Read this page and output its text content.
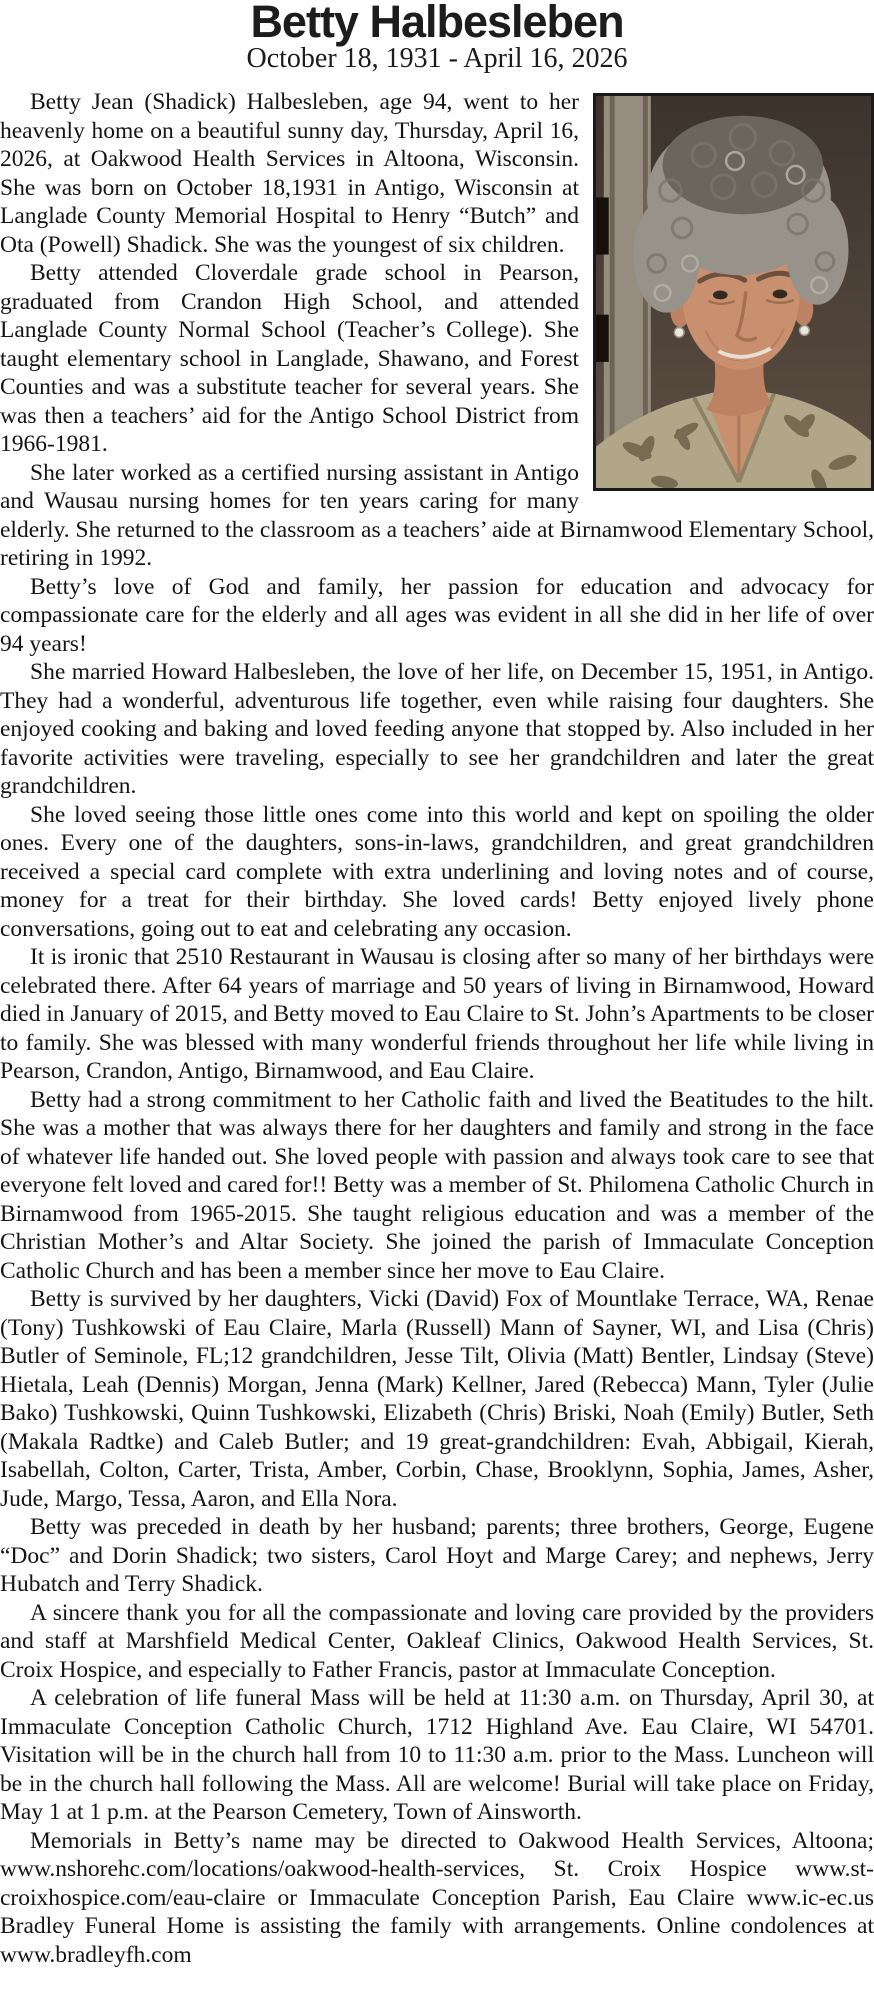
Betty Halbesleben
October 18, 1931 - April 16, 2026

Betty Jean (Shadick) Halbesleben, age 94, went to her heavenly home on a beautiful sunny day, Thursday, April 16, 2026, at Oakwood Health Services in Altoona, Wisconsin. She was born on October 18,1931 in Antigo, Wisconsin at Langlade County Memorial Hospital to Henry “Butch” and Ota (Powell) Shadick. She was the youngest of six children.

Betty attended Cloverdale grade school in Pearson, graduated from Crandon High School, and attended Langlade County Normal School (Teacher’s College). She taught elementary school in Langlade, Shawano, and Forest Counties and was a substitute teacher for several years. She was then a teachers’ aid for the Antigo School District from 1966-1981.

She later worked as a certified nursing assistant in Antigo and Wausau nursing homes for ten years caring for many elderly. She returned to the classroom as a teachers’ aide at Birnamwood Elementary School, retiring in 1992.

Betty’s love of God and family, her passion for education and advocacy for compassionate care for the elderly and all ages was evident in all she did in her life of over 94 years!

She married Howard Halbesleben, the love of her life, on December 15, 1951, in Antigo. They had a wonderful, adventurous life together, even while raising four daughters. She enjoyed cooking and baking and loved feeding anyone that stopped by. Also included in her favorite activities were traveling, especially to see her grandchildren and later the great grandchildren.

She loved seeing those little ones come into this world and kept on spoiling the older ones. Every one of the daughters, sons-in-laws, grandchildren, and great grandchildren received a special card complete with extra underlining and loving notes and of course, money for a treat for their birthday. She loved cards! Betty enjoyed lively phone conversations, going out to eat and celebrating any occasion.

It is ironic that 2510 Restaurant in Wausau is closing after so many of her birthdays were celebrated there. After 64 years of marriage and 50 years of living in Birnamwood, Howard died in January of 2015, and Betty moved to Eau Claire to St. John’s Apartments to be closer to family. She was blessed with many wonderful friends throughout her life while living in Pearson, Crandon, Antigo, Birnamwood, and Eau Claire.

Betty had a strong commitment to her Catholic faith and lived the Beatitudes to the hilt. She was a mother that was always there for her daughters and family and strong in the face of whatever life handed out. She loved people with passion and always took care to see that everyone felt loved and cared for!! Betty was a member of St. Philomena Catholic Church in Birnamwood from 1965-2015. She taught religious education and was a member of the Christian Mother’s and Altar Society. She joined the parish of Immaculate Conception Catholic Church and has been a member since her move to Eau Claire.

Betty is survived by her daughters, Vicki (David) Fox of Mountlake Terrace, WA, Renae (Tony) Tushkowski of Eau Claire, Marla (Russell) Mann of Sayner, WI, and Lisa (Chris) Butler of Seminole, FL;12 grandchildren, Jesse Tilt, Olivia (Matt) Bentler, Lindsay (Steve) Hietala, Leah (Dennis) Morgan, Jenna (Mark) Kellner, Jared (Rebecca) Mann, Tyler (Julie Bako) Tushkowski, Quinn Tushkowski, Elizabeth (Chris) Briski, Noah (Emily) Butler, Seth (Makala Radtke) and Caleb Butler; and 19 great-grandchildren: Evah, Abbigail, Kierah, Isabellah, Colton, Carter, Trista, Amber, Corbin, Chase, Brooklynn, Sophia, James, Asher, Jude, Margo, Tessa, Aaron, and Ella Nora.

Betty was preceded in death by her husband; parents; three brothers, George, Eugene “Doc” and Dorin Shadick; two sisters, Carol Hoyt and Marge Carey; and nephews, Jerry Hubatch and Terry Shadick.

A sincere thank you for all the compassionate and loving care provided by the providers and staff at Marshfield Medical Center, Oakleaf Clinics, Oakwood Health Services, St. Croix Hospice, and especially to Father Francis, pastor at Immaculate Conception.

A celebration of life funeral Mass will be held at 11:30 a.m. on Thursday, April 30, at Immaculate Conception Catholic Church, 1712 Highland Ave. Eau Claire, WI 54701. Visitation will be in the church hall from 10 to 11:30 a.m. prior to the Mass. Luncheon will be in the church hall following the Mass. All are welcome! Burial will take place on Friday, May 1 at 1 p.m. at the Pearson Cemetery, Town of Ainsworth.

Memorials in Betty’s name may be directed to Oakwood Health Services, Altoona; www.nshorehc.com/locations/oakwood-health-services, St. Croix Hospice www.st-croixhospice.com/eau-claire or Immaculate Conception Parish, Eau Claire www.ic-ec.us Bradley Funeral Home is assisting the family with arrangements. Online condolences at www.bradleyfh.com
